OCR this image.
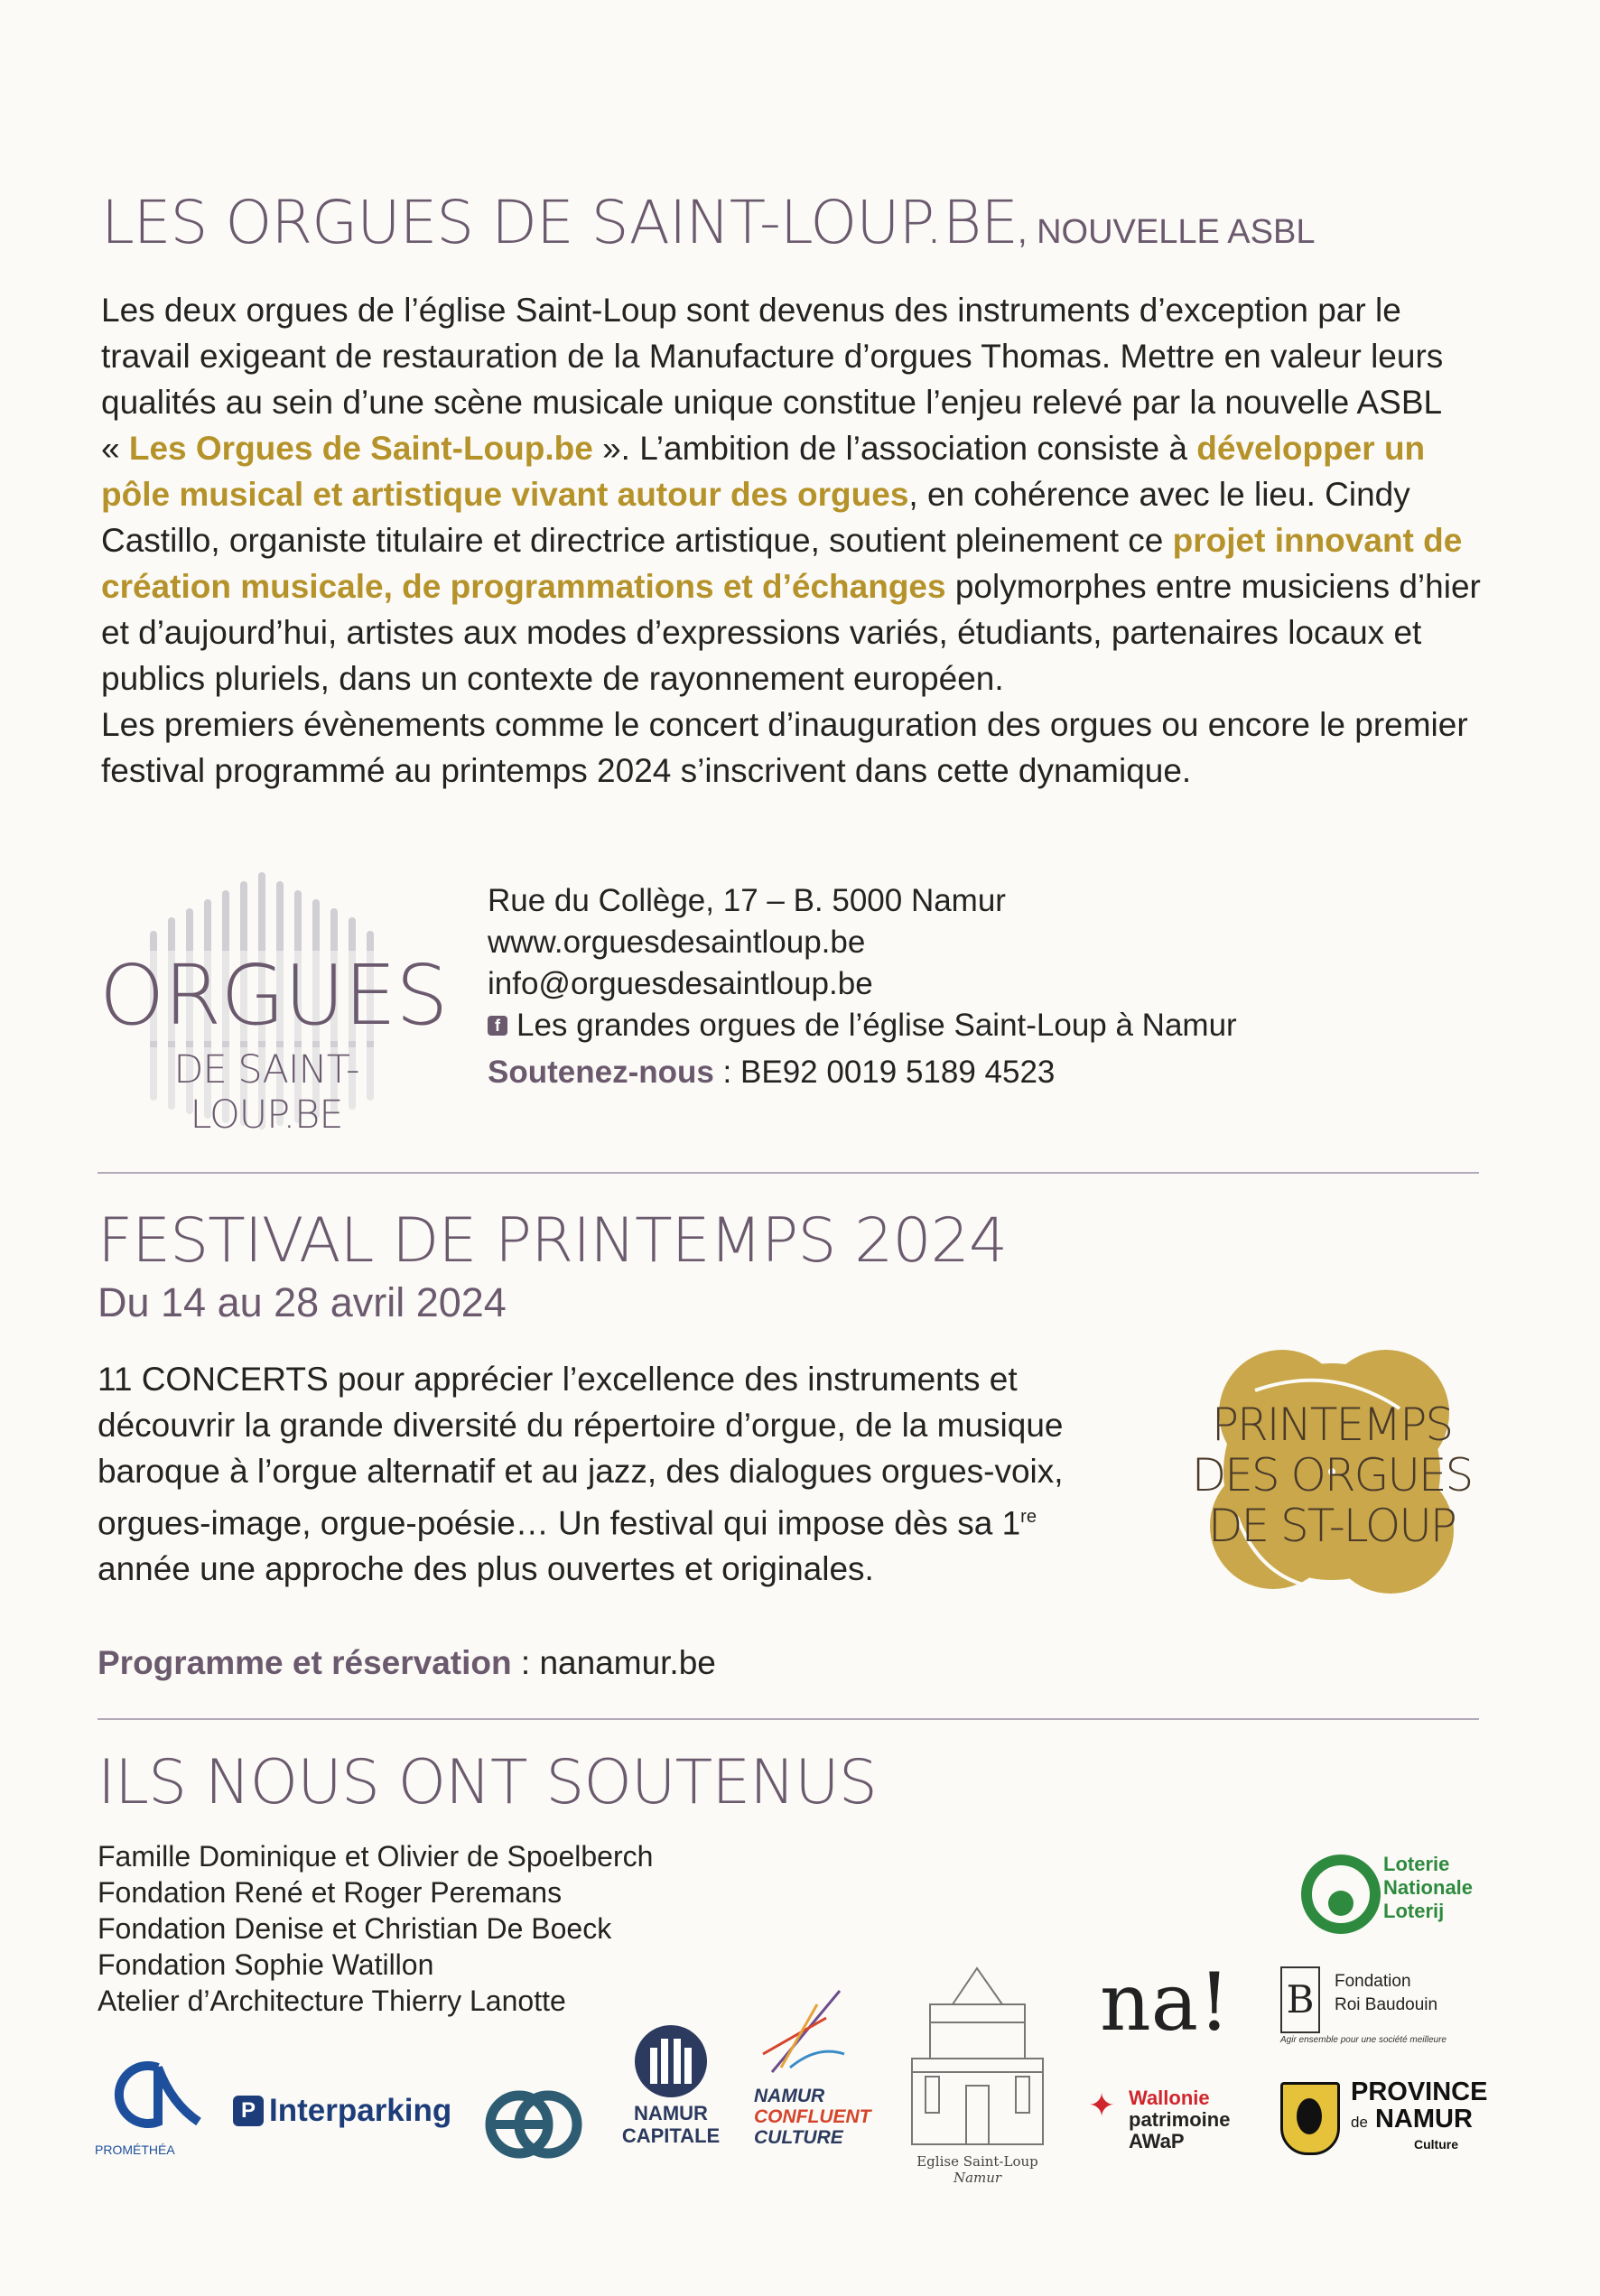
LES ORGUES DE SAINT-LOUP.BE, NOUVELLE ASBL

Les deux orgues de l’église Saint-Loup sont devenus des instruments d’exception par le travail exigeant de restauration de la Manufacture d’orgues Thomas. Mettre en valeur leurs qualités au sein d’une scène musicale unique constitue l’enjeu relevé par la nouvelle ASBL « Les Orgues de Saint-Loup.be ». L’ambition de l’association consiste à développer un pôle musical et artistique vivant autour des orgues, en cohérence avec le lieu. Cindy Castillo, organiste titulaire et directrice artistique, soutient pleinement ce projet innovant de création musicale, de programmations et d’échanges polymorphes entre musiciens d’hier et d’aujourd’hui, artistes aux modes d’expressions variés, étudiants, partenaires locaux et publics pluriels, dans un contexte de rayonnement européen.

Les premiers évènements comme le concert d’inauguration des orgues ou encore le premier festival programmé au printemps 2024 s’inscrivent dans cette dynamique.

ORGUES
DE SAINT-LOUP.BE
Rue du Collège, 17 – B. 5000 Namur
www.orguesdesaintloup.be
info@orguesdesaintloup.be
f Les grandes orgues de l’église Saint-Loup à Namur
Soutenez-nous : BE92 0019 5189 4523
FESTIVAL DE PRINTEMPS 2024
Du 14 au 28 avril 2024
11 CONCERTS pour apprécier l’excellence des instruments et découvrir la grande diversité du répertoire d’orgue, de la musique baroque à l’orgue alternatif et au jazz, des dialogues orgues-voix, orgues-image, orgue-poésie… Un festival qui impose dès sa 1re année une approche des plus ouvertes et originales.
Programme et réservation : nanamur.be
PRINTEMPS
DES ORGUES
DE ST-LOUP
ILS NOUS ONT SOUTENUS
Famille Dominique et Olivier de Spoelberch
Fondation René et Roger Peremans
Fondation Denise et Christian De Boeck
Fondation Sophie Watillon
Atelier d’Architecture Thierry Lanotte
Loterie
Nationale
Loterij
na! B	Fondation
Roi Baudouin
Agir ensemble pour une société meilleure
PROMÉTHÉA
P Interparking	NAMUR
CAPITALE
NAMUR
CONFLUENT
CULTURE
Eglise Saint-Loup
Namur
✦ Wallonie
patrimoine
AWaP
PROVINCE
de NAMUR
Culture
